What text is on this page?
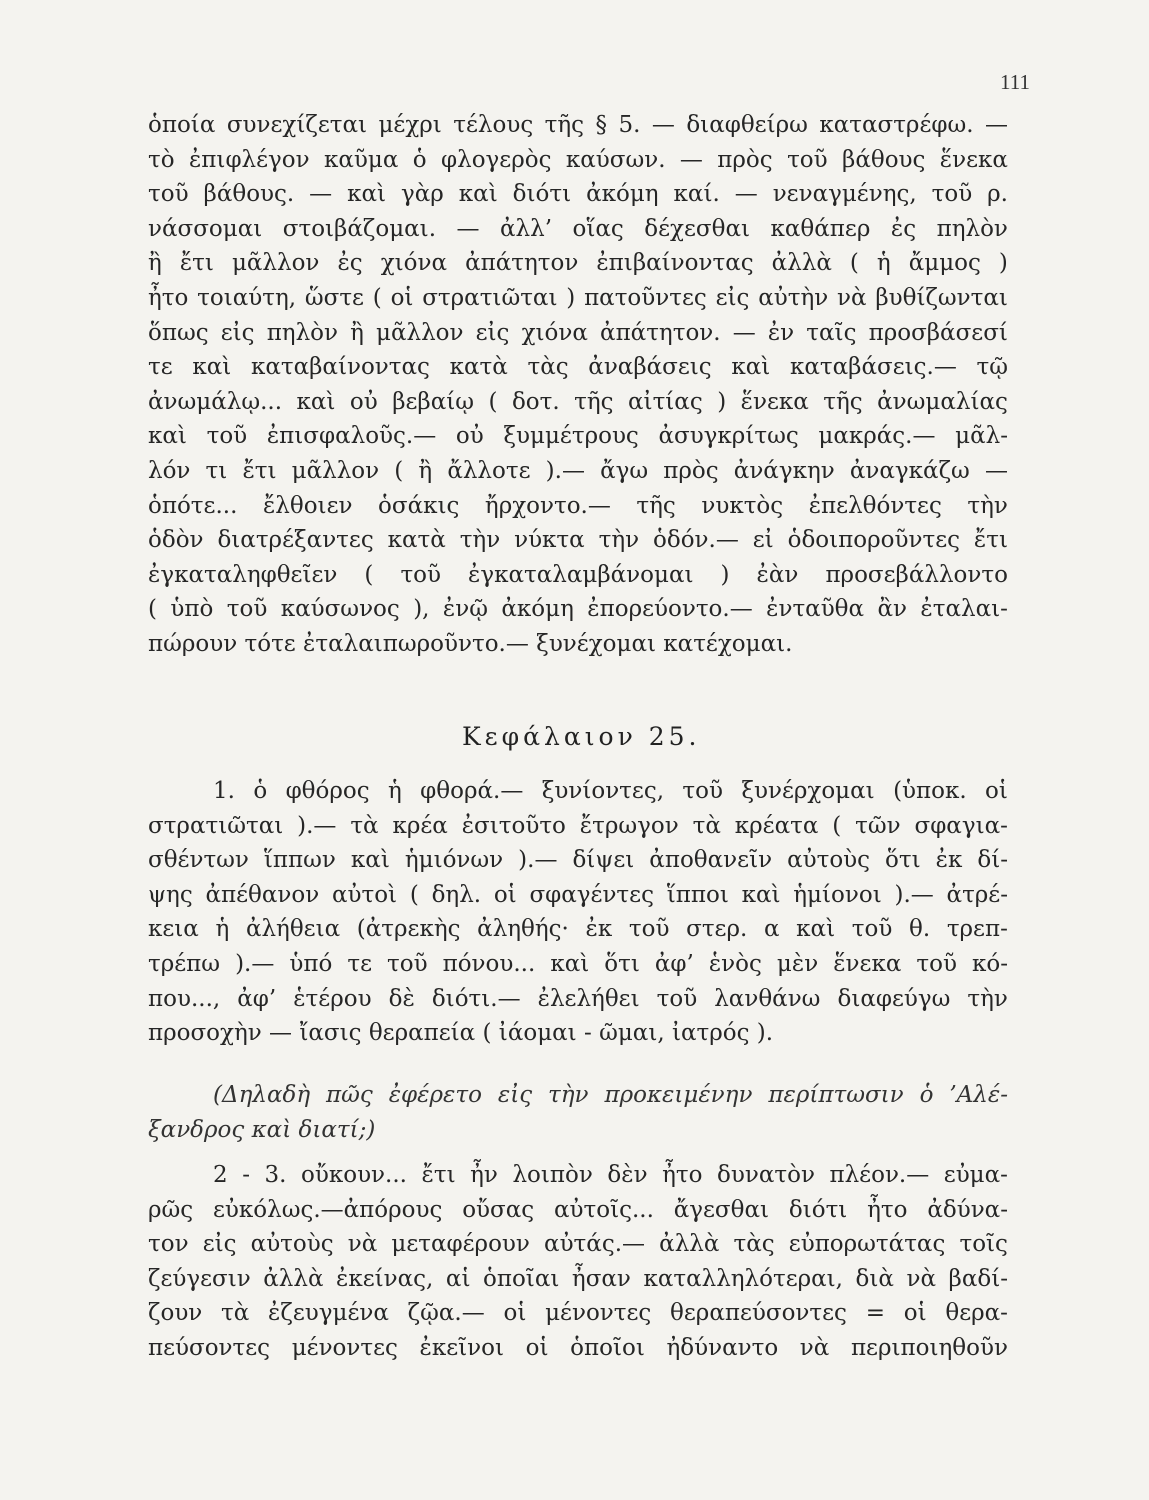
111
ὁποία συνεχίζεται μέχρι τέλους τῆς § 5. — διαφθείρω καταστρέφω. —
τὸ ἐπιφλέγον καῦμα ὁ φλογερὸς καύσων. — πρὸς τοῦ βάθους ἕνεκα
τοῦ βάθους. — καὶ γὰρ καὶ διότι ἀκόμη καί. — νεναγμένης, τοῦ ρ.
νάσσομαι στοιβάζομαι. — ἀλλ’ οἵας δέχεσθαι καθάπερ ἐς πηλὸν
ἢ ἔτι μᾶλλον ἐς χιόνα ἀπάτητον ἐπιβαίνοντας ἀλλὰ ( ἡ ἄμμος )
ἦτο τοιαύτη, ὥστε ( οἱ στρατιῶται ) πατοῦντες εἰς αὐτὴν νὰ βυθίζωνται
ὅπως εἰς πηλὸν ἢ μᾶλλον εἰς χιόνα ἀπάτητον. — ἐν ταῖς προσβάσεσί
τε καὶ καταβαίνοντας κατὰ τὰς ἀναβάσεις καὶ καταβάσεις.— τῷ
ἀνωμάλῳ... καὶ οὐ βεβαίῳ ( δοτ. τῆς αἰτίας ) ἕνεκα τῆς ἀνωμαλίας
καὶ τοῦ ἐπισφαλοῦς.— οὐ ξυμμέτρους ἀσυγκρίτως μακράς.— μᾶλ-
λόν τι ἔτι μᾶλλον ( ἢ ἄλλοτε ).— ἄγω πρὸς ἀνάγκην ἀναγκάζω —
ὁπότε... ἔλθοιεν ὁσάκις ἤρχοντο.— τῆς νυκτὸς ἐπελθόντες τὴν
ὁδὸν διατρέξαντες κατὰ τὴν νύκτα τὴν ὁδόν.— εἰ ὁδοιποροῦντες ἔτι
ἐγκαταληφθεῖεν ( τοῦ ἐγκαταλαμβάνομαι ) ἐὰν προσεβάλλοντο
( ὑπὸ τοῦ καύσωνος ), ἐνῷ ἀκόμη ἐπορεύοντο.— ἐνταῦθα ἂν ἐταλαι-
πώρουν τότε ἐταλαιπωροῦντο.— ξυνέχομαι κατέχομαι.
Κεφάλαιον 25.
1. ὁ φθόρος ἡ φθορά.— ξυνίοντες, τοῦ ξυνέρχομαι (ὑποκ. οἱ
στρατιῶται ).— τὰ κρέα ἐσιτοῦτο ἔτρωγον τὰ κρέατα ( τῶν σφαγια-
σθέντων ἵππων καὶ ἡμιόνων ).— δίψει ἀποθανεῖν αὐτοὺς ὅτι ἐκ δί-
ψης ἀπέθανον αὐτοὶ ( δηλ. οἱ σφαγέντες ἵπποι καὶ ἡμίονοι ).— ἀτρέ-
κεια ἡ ἀλήθεια (ἀτρεκὴς ἀληθής· ἐκ τοῦ στερ. α καὶ τοῦ θ. τρεπ-
τρέπω ).— ὑπό τε τοῦ πόνου... καὶ ὅτι ἀφ’ ἑνὸς μὲν ἕνεκα τοῦ κό-
που..., ἀφ’ ἑτέρου δὲ διότι.— ἐλελήθει τοῦ λανθάνω διαφεύγω τὴν
προσοχὴν — ἴασις θεραπεία ( ἰάομαι - ῶμαι, ἰατρός ).
(Δηλαδὴ πῶς ἐφέρετο εἰς τὴν προκειμένην περίπτωσιν ὁ ’Αλέ-
ξανδρος καὶ διατί;)
2 - 3. οὔκουν... ἔτι ἦν λοιπὸν δὲν ἦτο δυνατὸν πλέον.— εὐμα-
ρῶς εὐκόλως.—ἀπόρους οὔσας αὐτοῖς... ἄγεσθαι διότι ἦτο ἀδύνα-
τον εἰς αὐτοὺς νὰ μεταφέρουν αὐτάς.— ἀλλὰ τὰς εὐπορωτάτας τοῖς
ζεύγεσιν ἀλλὰ ἐκείνας, αἱ ὁποῖαι ἦσαν καταλληλότεραι, διὰ νὰ βαδί-
ζουν τὰ ἐζευγμένα ζῷα.— οἱ μένοντες θεραπεύσοντες = οἱ θερα-
πεύσοντες μένοντες ἐκεῖνοι οἱ ὁποῖοι ἠδύναντο νὰ περιποιηθοῦν
